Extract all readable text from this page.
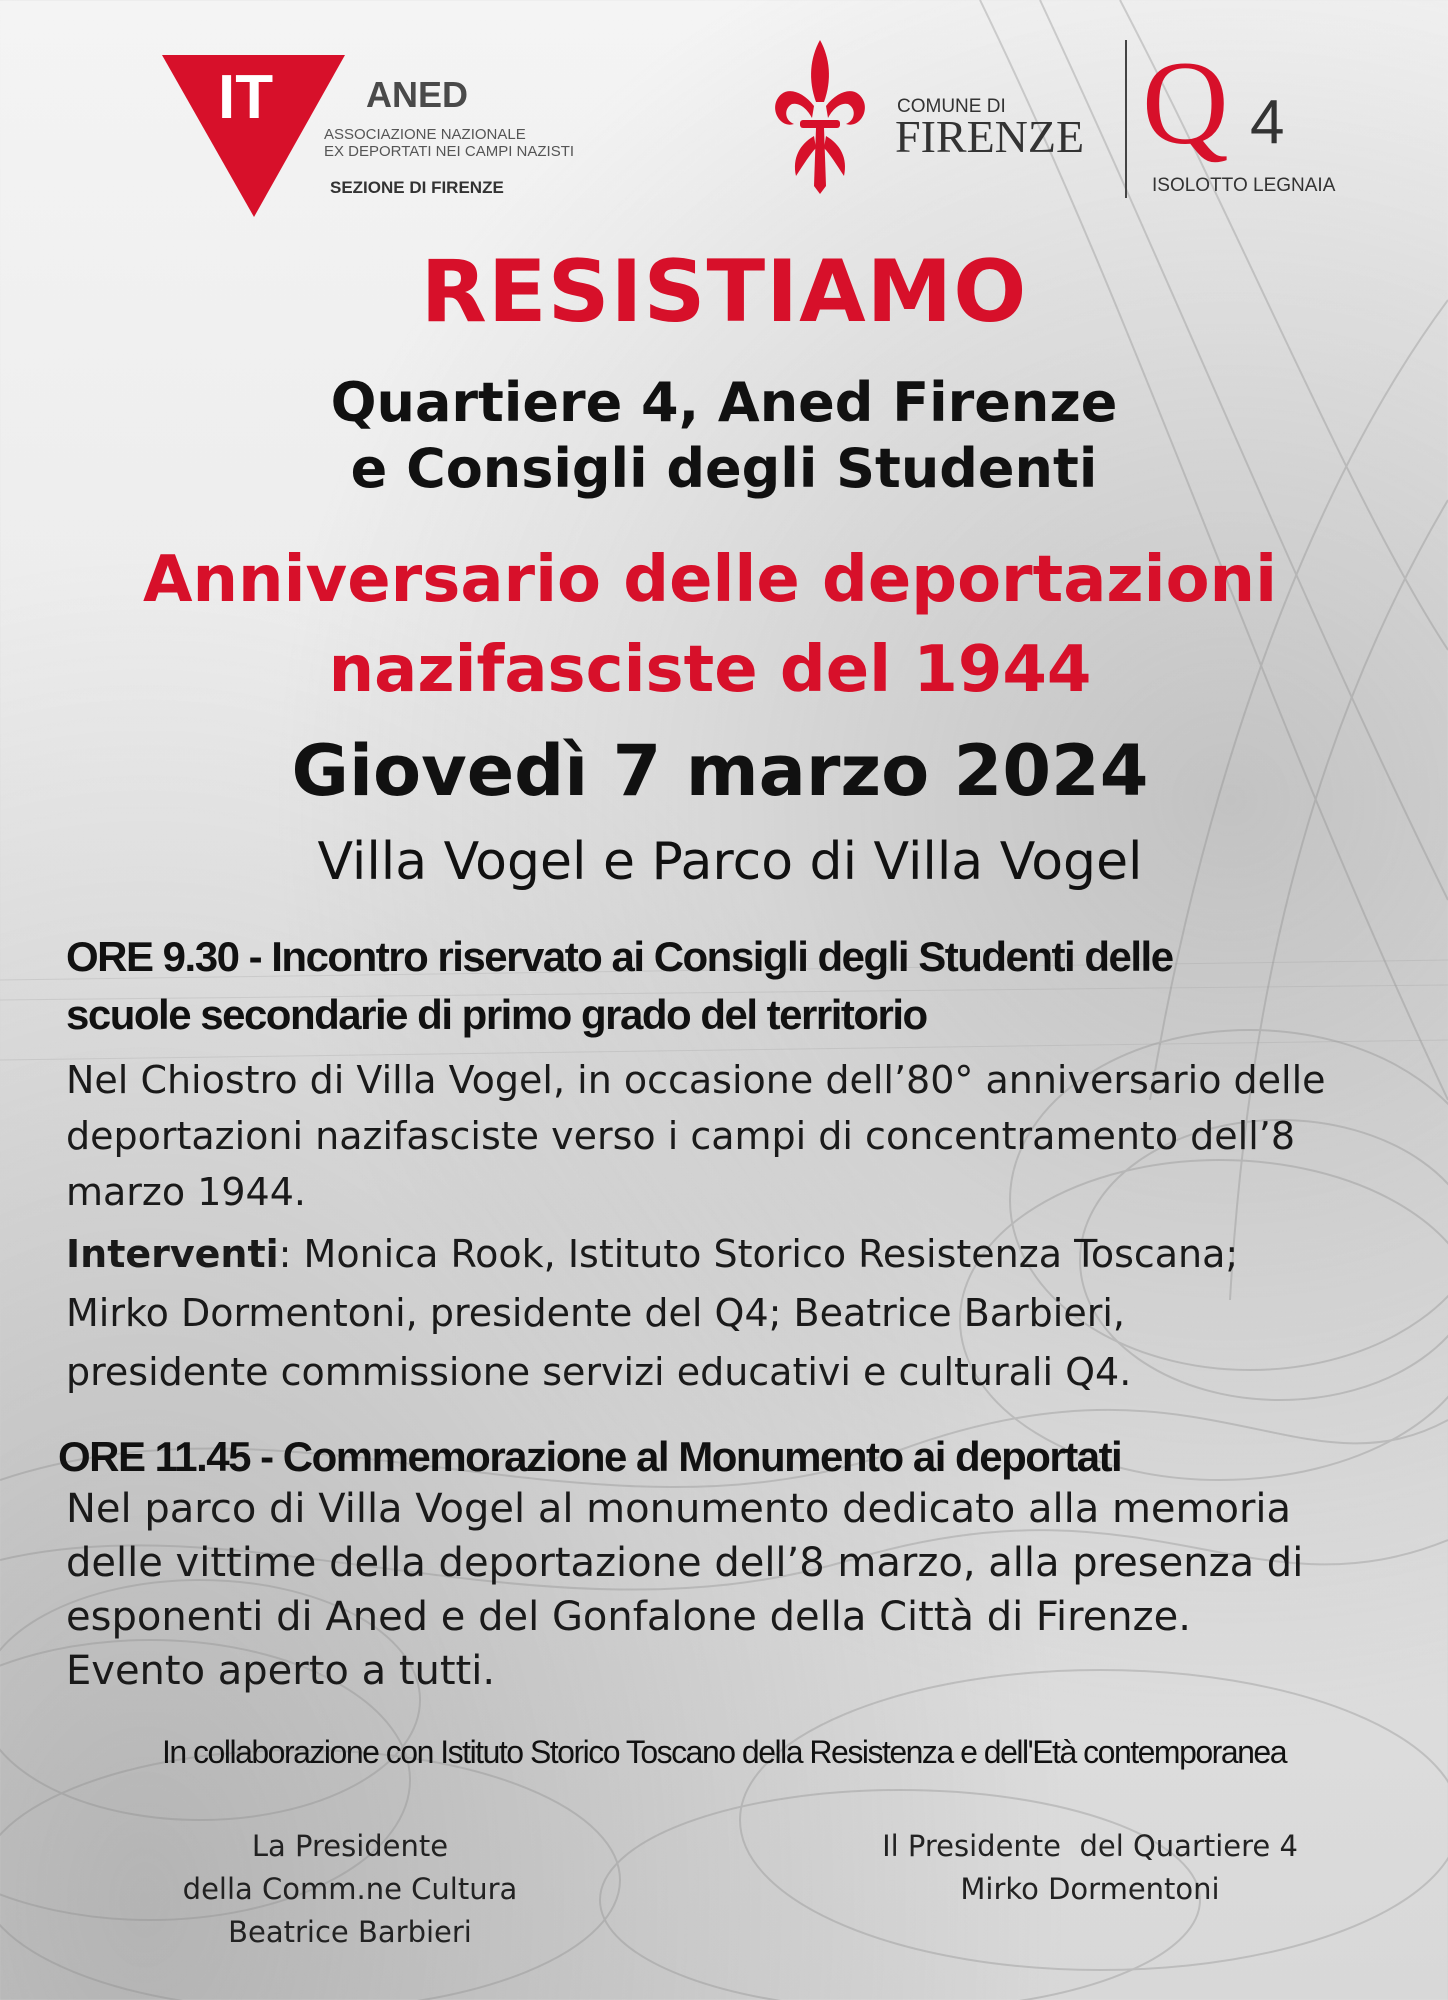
IT	ANED
ASSOCIAZIONE NAZIONALE
EX DEPORTATI NEI CAMPI NAZISTI
SEZIONE DI FIRENZE
COMUNE DI
FIRENZE Q 4
ISOLOTTO LEGNAIA
RESISTIAMO
Quartiere 4, Aned Firenze
e Consigli degli Studenti
Anniversario delle deportazioni
nazifasciste del 1944
Giovedì 7 marzo 2024
Villa Vogel e Parco di Villa Vogel
ORE 9.30 - Incontro riservato ai Consigli degli Studenti delle
scuole secondarie di primo grado del territorio
Nel Chiostro di Villa Vogel, in occasione dell’80° anniversario delle
deportazioni nazifasciste verso i campi di concentramento dell’8
marzo 1944.
Interventi: Monica Rook, Istituto Storico Resistenza Toscana;
Mirko Dormentoni, presidente del Q4; Beatrice Barbieri,
presidente commissione servizi educativi e culturali Q4.
ORE 11.45 - Commemorazione al Monumento ai deportati
Nel parco di Villa Vogel al monumento dedicato alla memoria
delle vittime della deportazione dell’8 marzo, alla presenza di
esponenti di Aned e del Gonfalone della Città di Firenze.
Evento aperto a tutti.
In collaborazione con Istituto Storico Toscano della Resistenza e dell'Età contemporanea
La Presidente
della Comm.ne Cultura
Beatrice Barbieri
Il Presidente  del Quartiere 4
Mirko Dormentoni
